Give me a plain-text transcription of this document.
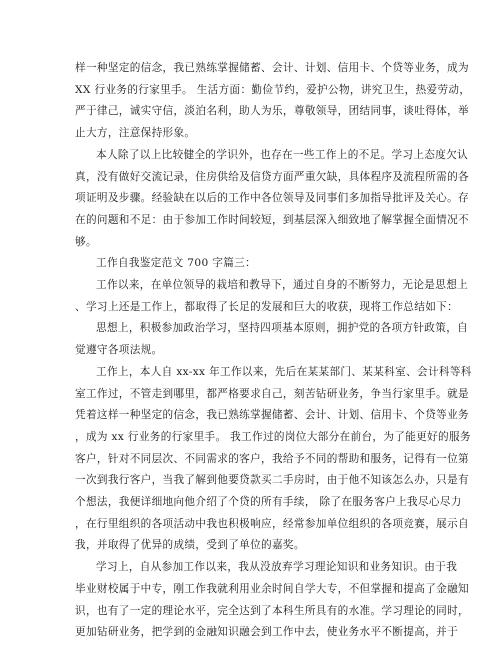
样一种坚定的信念，我已熟练掌握储蓄、会计、计划、信用卡、个贷等业务，成为
XX 行业务的行家里手。 生活方面：勤俭节约，爱护公物，讲究卫生，热爱劳动，
严于律己，诚实守信，淡泊名利，助人为乐，尊敬领导，团结同事，谈吐得体，举
止大方，注意保持形象。

本人除了以上比较健全的学识外，也存在一些工作上的不足。学习上态度欠认
真，没有做好交流记录，住房供给及信贷方面严重欠缺，具体程序及流程所需的各
项证明及步骤。经验缺在以后的工作中各位领导及同事们多加指导批评及关心。存
在的问题和不足：由于参加工作时间较短，到基层深入细致地了解掌握全面情况不
够。

工作自我鉴定范文 700 字篇三：

工作以来，在单位领导的栽培和教导下，通过自身的不断努力，无论是思想上
、学习上还是工作上，都取得了长足的发展和巨大的收获，现将工作总结如下：

思想上，积极参加政治学习，坚持四项基本原则，拥护党的各项方针政策，自
觉遵守各项法规。

工作上，本人自 xx-xx 年工作以来，先后在某某部门、某某科室、会计科等科
室工作过，不管走到哪里，都严格要求自己，刻苦钻研业务，争当行家里手。就是
凭着这样一种坚定的信念，我已熟练掌握储蓄、会计、计划、信用卡、个贷等业务
，成为 xx 行业务的行家里手。 我工作过的岗位大部分在前台，为了能更好的服务
客户，针对不同层次、不同需求的客户，我给予不同的帮助和服务，记得有一位第
一次到我行客户，当我了解到他要贷款买二手房时，由于他不知该怎么办，只是有
个想法，我便详细地向他介绍了个贷的所有手续， 除了在服务客户上我尽心尽力
，在行里组织的各项活动中我也积极响应，经常参加单位组织的各项竞赛，展示自
我，并取得了优异的成绩，受到了单位的嘉奖。

学习上，自从参加工作以来，我从没放弃学习理论知识和业务知识。由于我
毕业财校属于中专，刚工作我就利用业余时间自学大专，不但掌握和提高了金融知
识，也有了一定的理论水平，完全达到了本科生所具有的水准。学习理论的同时，
更加钻研业务，把学到的金融知识融会到工作中去，使业务水平不断提高，并于
